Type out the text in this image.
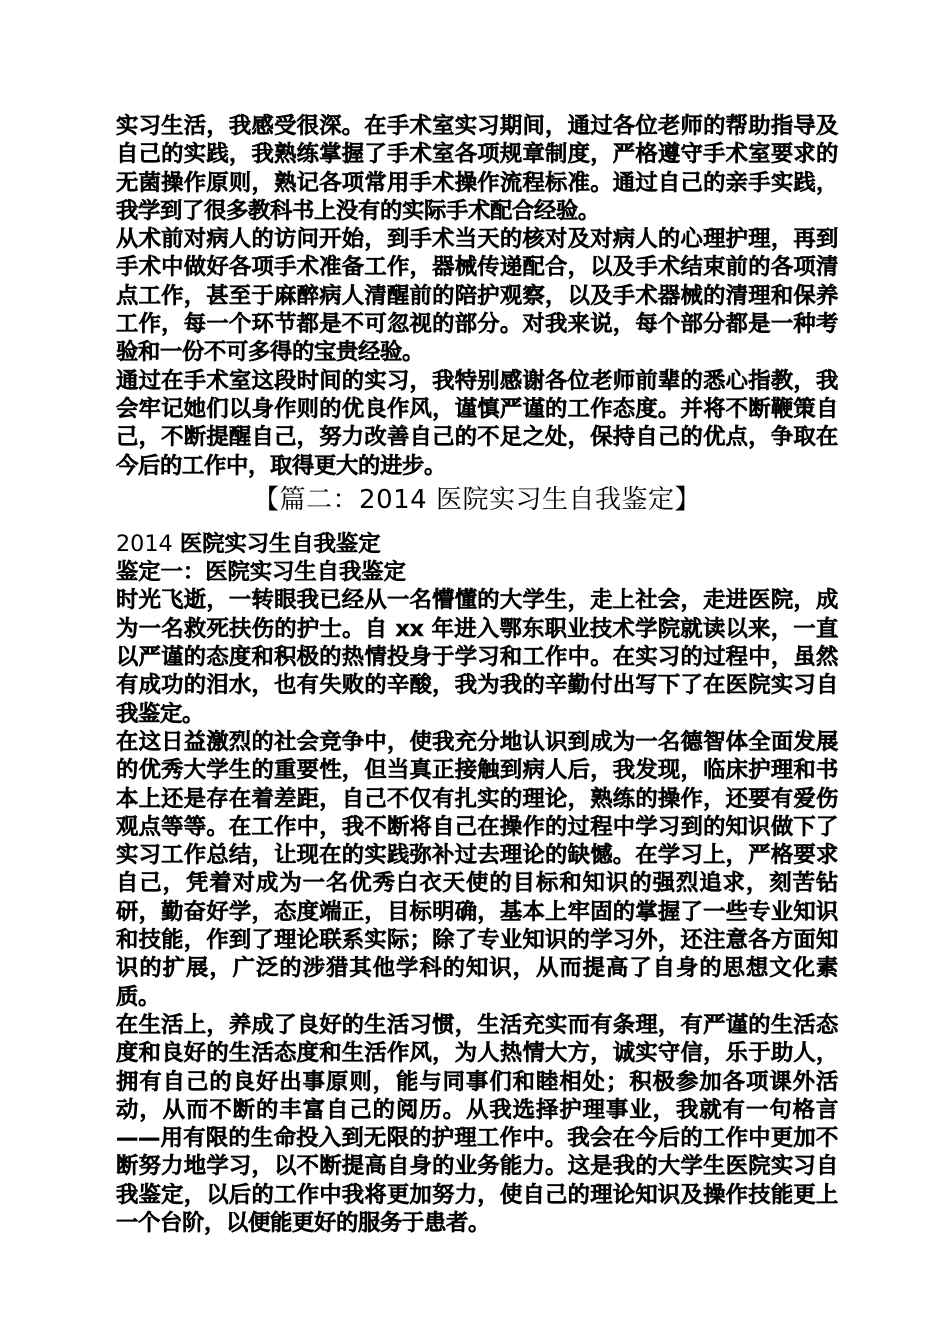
实习生活，我感受很深。在手术室实习期间，通过各位老师的帮助指导及自己的实践，我熟练掌握了手术室各项规章制度，严格遵守手术室要求的无菌操作原则，熟记各项常用手术操作流程标准。通过自己的亲手实践，我学到了很多教科书上没有的实际手术配合经验。

从术前对病人的访问开始，到手术当天的核对及对病人的心理护理，再到手术中做好各项手术准备工作，器械传递配合，以及手术结束前的各项清点工作，甚至于麻醉病人清醒前的陪护观察，以及手术器械的清理和保养工作，每一个环节都是不可忽视的部分。对我来说，每个部分都是一种考验和一份不可多得的宝贵经验。

通过在手术室这段时间的实习，我特别感谢各位老师前辈的悉心指教，我会牢记她们以身作则的优良作风，谨慎严谨的工作态度。并将不断鞭策自己，不断提醒自己，努力改善自己的不足之处，保持自己的优点，争取在今后的工作中，取得更大的进步。

【篇二：2014 医院实习生自我鉴定】

2014 医院实习生自我鉴定

鉴定一：医院实习生自我鉴定

时光飞逝，一转眼我已经从一名懵懂的大学生，走上社会，走进医院，成为一名救死扶伤的护士。自 xx 年进入鄂东职业技术学院就读以来，一直以严谨的态度和积极的热情投身于学习和工作中。在实习的过程中，虽然有成功的泪水，也有失败的辛酸，我为我的辛勤付出写下了在医院实习自我鉴定。

在这日益激烈的社会竞争中，使我充分地认识到成为一名德智体全面发展的优秀大学生的重要性，但当真正接触到病人后，我发现，临床护理和书本上还是存在着差距，自己不仅有扎实的理论，熟练的操作，还要有爱伤观点等等。在工作中，我不断将自己在操作的过程中学习到的知识做下了实习工作总结，让现在的实践弥补过去理论的缺憾。在学习上，严格要求自己，凭着对成为一名优秀白衣天使的目标和知识的强烈追求，刻苦钻研，勤奋好学，态度端正，目标明确，基本上牢固的掌握了一些专业知识和技能，作到了理论联系实际；除了专业知识的学习外，还注意各方面知识的扩展，广泛的涉猎其他学科的知识，从而提高了自身的思想文化素质。

在生活上，养成了良好的生活习惯，生活充实而有条理，有严谨的生活态度和良好的生活态度和生活作风，为人热情大方，诚实守信，乐于助人，拥有自己的良好出事原则，能与同事们和睦相处；积极参加各项课外活动，从而不断的丰富自己的阅历。从我选择护理事业，我就有一句格言——用有限的生命投入到无限的护理工作中。我会在今后的工作中更加不断努力地学习，以不断提高自身的业务能力。这是我的大学生医院实习自我鉴定，以后的工作中我将更加努力，使自己的理论知识及操作技能更上一个台阶，以便能更好的服务于患者。
